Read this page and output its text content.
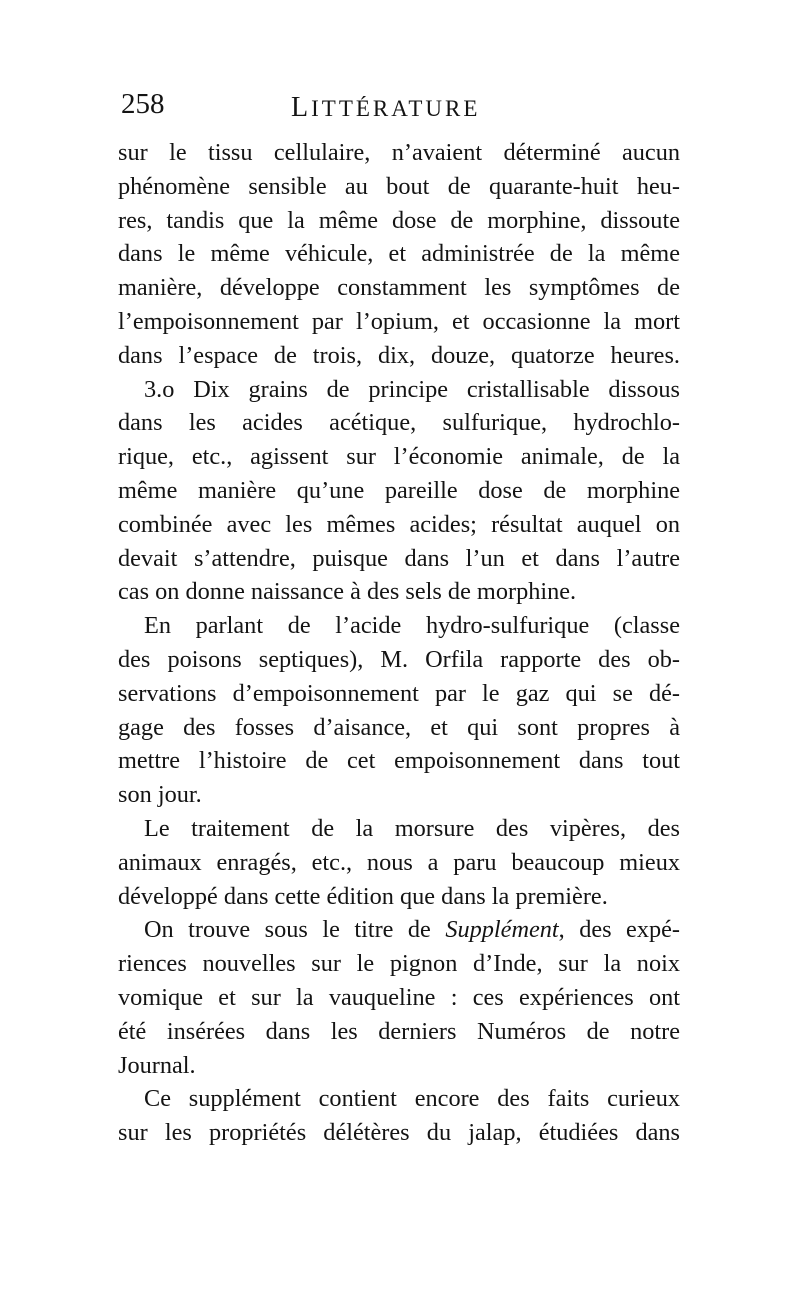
258	LITTÉRATURE
sur le tissu cellulaire, n’avaient déterminé aucun
phénomène sensible au bout de quarante-huit heu-
res, tandis que la même dose de morphine, dissoute
dans le même véhicule, et administrée de la même
manière, développe constamment les symptômes de
l’empoisonnement par l’opium, et occasionne la mort
dans l’espace de trois, dix, douze, quatorze heures.
3.o Dix grains de principe cristallisable dissous
dans les acides acétique, sulfurique, hydrochlo-
rique, etc., agissent sur l’économie animale, de la
même manière qu’une pareille dose de morphine
combinée avec les mêmes acides; résultat auquel on
devait s’attendre, puisque dans l’un et dans l’autre
cas on donne naissance à des sels de morphine.
En parlant de l’acide hydro-sulfurique (classe
des poisons septiques), M. Orfila rapporte des ob-
servations d’empoisonnement par le gaz qui se dé-
gage des fosses d’aisance, et qui sont propres à
mettre l’histoire de cet empoisonnement dans tout
son jour.
Le traitement de la morsure des vipères, des
animaux enragés, etc., nous a paru beaucoup mieux
développé dans cette édition que dans la première.
On trouve sous le titre de Supplément, des expé-
riences nouvelles sur le pignon d’Inde, sur la noix
vomique et sur la vauqueline : ces expériences ont
été insérées dans les derniers Numéros de notre
Journal.
Ce supplément contient encore des faits curieux
sur les propriétés délétères du jalap, étudiées dans
